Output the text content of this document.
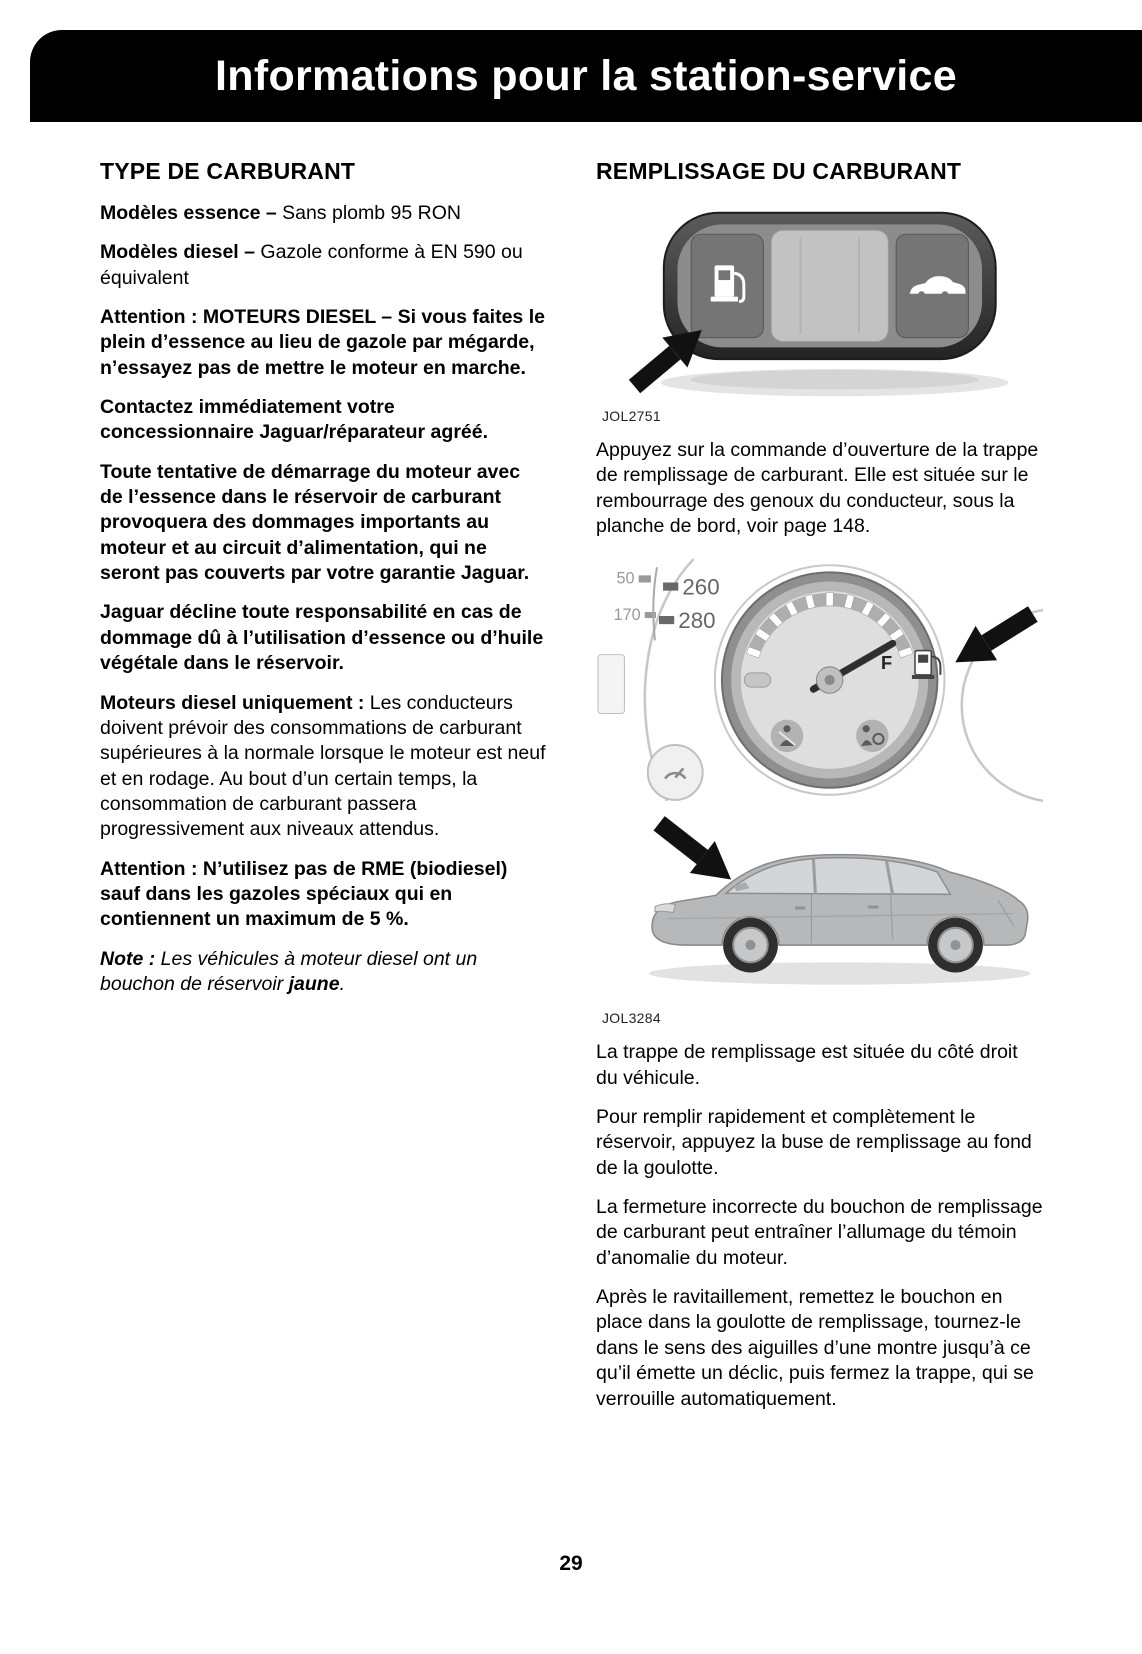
Informations pour la station-service
TYPE DE CARBURANT

Modèles essence – Sans plomb 95 RON

Modèles diesel – Gazole conforme à EN 590 ou équivalent

Attention : MOTEURS DIESEL – Si vous faites le plein d’essence au lieu de gazole par mégarde, n’essayez pas de mettre le moteur en marche.

Contactez immédiatement votre concessionnaire Jaguar/réparateur agréé.

Toute tentative de démarrage du moteur avec de l’essence dans le réservoir de carburant provoquera des dommages importants au moteur et au circuit d’alimentation, qui ne seront pas couverts par votre garantie Jaguar.

Jaguar décline toute responsabilité en cas de dommage dû à l’utilisation d’essence ou d’huile végétale dans le réservoir.

Moteurs diesel uniquement : Les conducteurs doivent prévoir des consommations de carburant supérieures à la normale lorsque le moteur est neuf et en rodage. Au bout d’un certain temps, la consommation de carburant passera progressivement aux niveaux attendus.

Attention : N’utilisez pas de RME (biodiesel) sauf dans les gazoles spéciaux qui en contiennent un maximum de 5 %.

Note : Les véhicules à moteur diesel ont un bouchon de réservoir jaune.

REMPLISSAGE DU CARBURANT
JOL2751

Appuyez sur la commande d’ouverture de la trappe de remplissage de carburant. Elle est située sur le rembourrage des genoux du conducteur, sous la planche de bord, voir page 148.

50
170
260
280
F
JOL3284

La trappe de remplissage est située du côté droit du véhicule.

Pour remplir rapidement et complètement le réservoir, appuyez la buse de remplissage au fond de la goulotte.

La fermeture incorrecte du bouchon de remplissage de carburant peut entraîner l’allumage du témoin d’anomalie du moteur.

Après le ravitaillement, remettez le bouchon en place dans la goulotte de remplissage, tournez-le dans le sens des aiguilles d’une montre jusqu’à ce qu’il émette un déclic, puis fermez la trappe, qui se verrouille automatiquement.

29
